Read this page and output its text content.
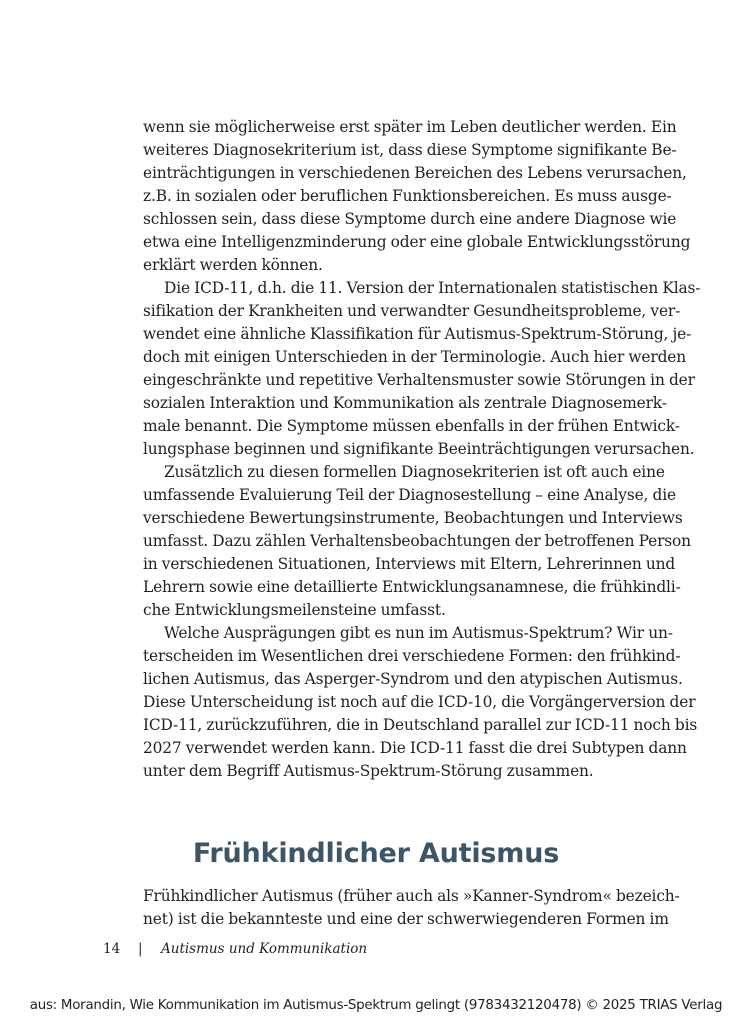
wenn sie möglicherweise erst später im Leben deutlicher werden. Ein

weiteres Diagnosekriterium ist, dass diese Symptome signifikante Be-

einträchtigungen in verschiedenen Bereichen des Lebens verursachen,

z.B. in sozialen oder beruflichen Funktionsbereichen. Es muss ausge-

schlossen sein, dass diese Symptome durch eine andere Diagnose wie

etwa eine Intelligenzminderung oder eine globale Entwicklungsstörung

erklärt werden können.

Die ICD-11, d.h. die 11. Version der Internationalen statistischen Klas-

sifikation der Krankheiten und verwandter Gesundheitsprobleme, ver-

wendet eine ähnliche Klassifikation für Autismus-Spektrum-Störung, je-

doch mit einigen Unterschieden in der Terminologie. Auch hier werden

eingeschränkte und repetitive Verhaltensmuster sowie Störungen in der

sozialen Interaktion und Kommunikation als zentrale Diagnosemerk-

male benannt. Die Symptome müssen ebenfalls in der frühen Entwick-

lungsphase beginnen und signifikante Beeinträchtigungen verursachen.

Zusätzlich zu diesen formellen Diagnosekriterien ist oft auch eine

umfassende Evaluierung Teil der Diagnosestellung – eine Analyse, die

verschiedene Bewertungsinstrumente, Beobachtungen und Interviews

umfasst. Dazu zählen Verhaltensbeobachtungen der betroffenen Person

in verschiedenen Situationen, Interviews mit Eltern, Lehrerinnen und

Lehrern sowie eine detaillierte Entwicklungsanamnese, die frühkindli-

che Entwicklungsmeilensteine umfasst.

Welche Ausprägungen gibt es nun im Autismus-Spektrum? Wir un-

terscheiden im Wesentlichen drei verschiedene Formen: den frühkind-

lichen Autismus, das Asperger-Syndrom und den atypischen Autismus.

Diese Unterscheidung ist noch auf die ICD-10, die Vorgängerversion der

ICD-11, zurückzuführen, die in Deutschland parallel zur ICD-11 noch bis

2027 verwendet werden kann. Die ICD-11 fasst die drei Subtypen dann

unter dem Begriff Autismus-Spektrum-Störung zusammen.

Frühkindlicher Autismus

Frühkindlicher Autismus (früher auch als »Kanner-Syndrom« bezeich-

net) ist die bekannteste und eine der schwerwiegenderen Formen im

14 | Autismus und Kommunikation
aus: Morandin, Wie Kommunikation im Autismus-Spektrum gelingt (9783432120478) © 2025 TRIAS Verlag
